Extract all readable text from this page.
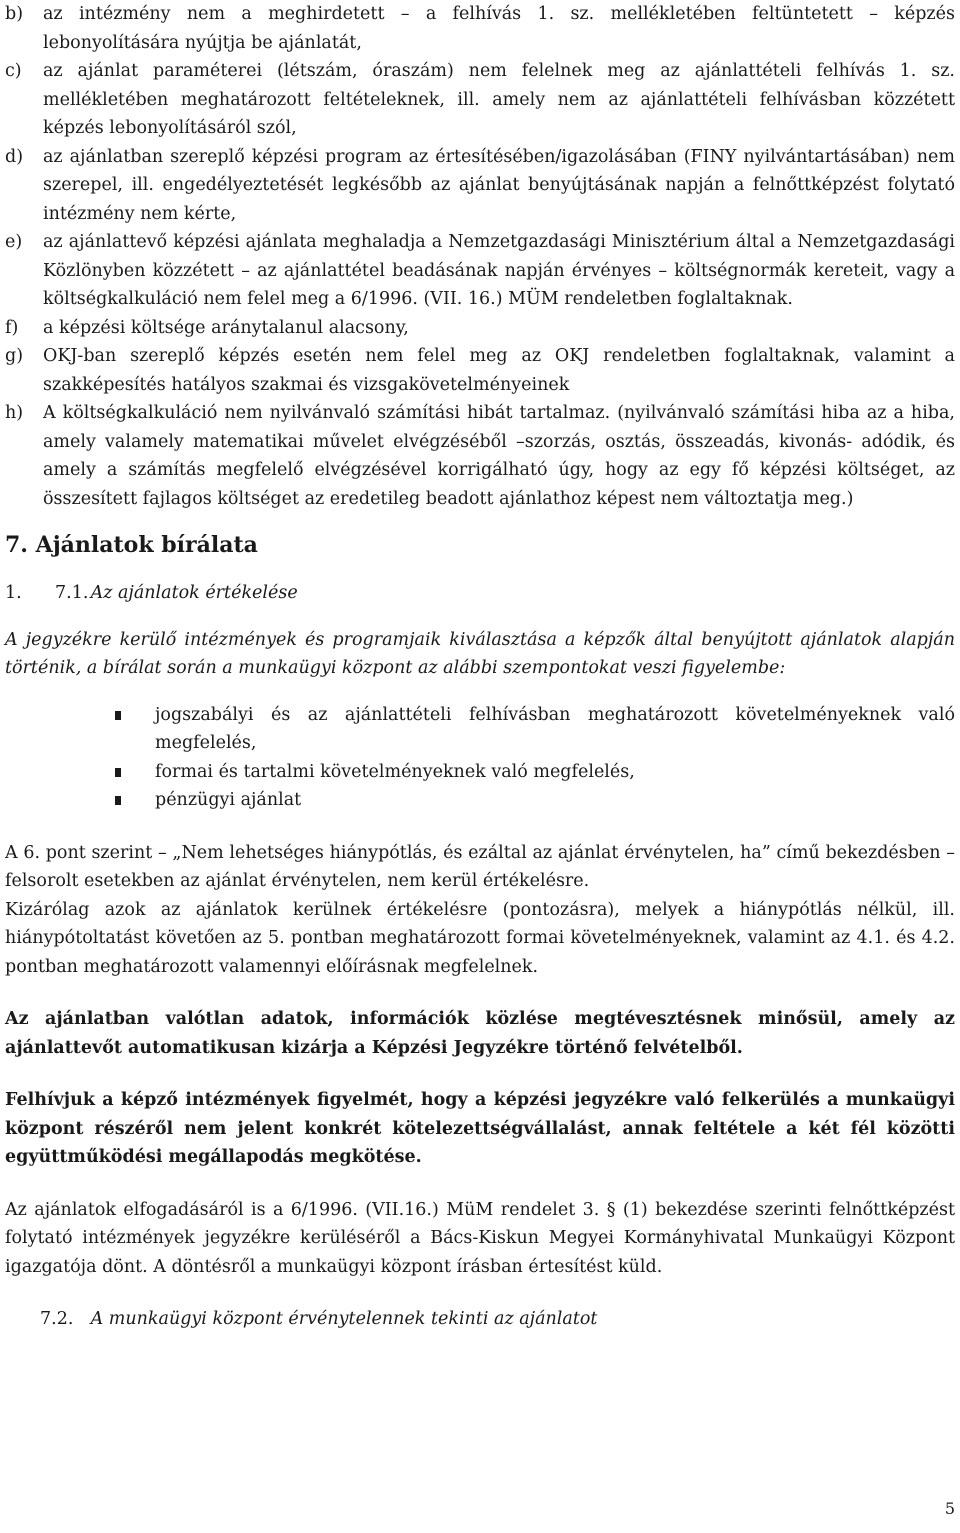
b)	az intézmény nem a meghirdetett – a felhívás 1. sz. mellékletében feltüntetett – képzés lebonyolítására nyújtja be ajánlatát,
c)	az ajánlat paraméterei (létszám, óraszám) nem felelnek meg az ajánlattételi felhívás 1. sz. mellékletében meghatározott feltételeknek, ill. amely nem az ajánlattételi felhívásban közzétett képzés lebonyolításáról szól,
d)	az ajánlatban szereplő képzési program az értesítésében/igazolásában (FINY nyilvántartásában) nem szerepel, ill. engedélyeztetését legkésőbb az ajánlat benyújtásának napján a felnőttképzést folytató intézmény nem kérte,
e)	az ajánlattevő képzési ajánlata meghaladja a Nemzetgazdasági Minisztérium által a Nemzetgazdasági Közlönyben közzétett – az ajánlattétel beadásának napján érvényes – költségnormák kereteit, vagy a költségkalkuláció nem felel meg a 6/1996. (VII. 16.) MÜM rendeletben foglaltaknak.
f)	a képzési költsége aránytalanul alacsony,
g)	OKJ-ban szereplő képzés esetén nem felel meg az OKJ rendeletben foglaltaknak, valamint a szakképesítés hatályos szakmai és vizsgakövetelményeinek
h)	A költségkalkuláció nem nyilvánvaló számítási hibát tartalmaz. (nyilvánvaló számítási hiba az a hiba, amely valamely matematikai művelet elvégzéséből –szorzás, osztás, összeadás, kivonás- adódik, és amely a számítás megfelelő elvégzésével korrigálható úgy, hogy az egy fő képzési költséget, az összesített fajlagos költséget az eredetileg beadott ajánlathoz képest nem változtatja meg.)
7. Ajánlatok bírálata
1. 7.1. Az ajánlatok értékelése

A jegyzékre kerülő intézmények és programjaik kiválasztása a képzők által benyújtott ajánlatok alapján történik, a bírálat során a munkaügyi központ az alábbi szempontokat veszi figyelembe:

jogszabályi és az ajánlattételi felhívásban meghatározott követelményeknek való megfelelés,
formai és tartalmi követelményeknek való megfelelés,
pénzügyi ajánlat

A 6. pont szerint – „Nem lehetséges hiánypótlás, és ezáltal az ajánlat érvénytelen, ha” című bekezdésben – felsorolt esetekben az ajánlat érvénytelen, nem kerül értékelésre.

Kizárólag azok az ajánlatok kerülnek értékelésre (pontozásra), melyek a hiánypótlás nélkül, ill. hiánypótoltatást követően az 5. pontban meghatározott formai követelményeknek, valamint az 4.1. és 4.2. pontban meghatározott valamennyi előírásnak megfelelnek.

Az ajánlatban valótlan adatok, információk közlése megtévesztésnek minősül, amely az ajánlattevőt automatikusan kizárja a Képzési Jegyzékre történő felvételből.

Felhívjuk a képző intézmények figyelmét, hogy a képzési jegyzékre való felkerülés a munkaügyi központ részéről nem jelent konkrét kötelezettségvállalást, annak feltétele a két fél közötti együttműködési megállapodás megkötése.

Az ajánlatok elfogadásáról is a 6/1996. (VII.16.) MüM rendelet 3. § (1) bekezdése szerinti felnőttképzést folytató intézmények jegyzékre kerüléséről a Bács-Kiskun Megyei Kormányhivatal Munkaügyi Központ igazgatója dönt. A döntésről a munkaügyi központ írásban értesítést küld.

7.2. A munkaügyi központ érvénytelennek tekinti az ajánlatot
5
